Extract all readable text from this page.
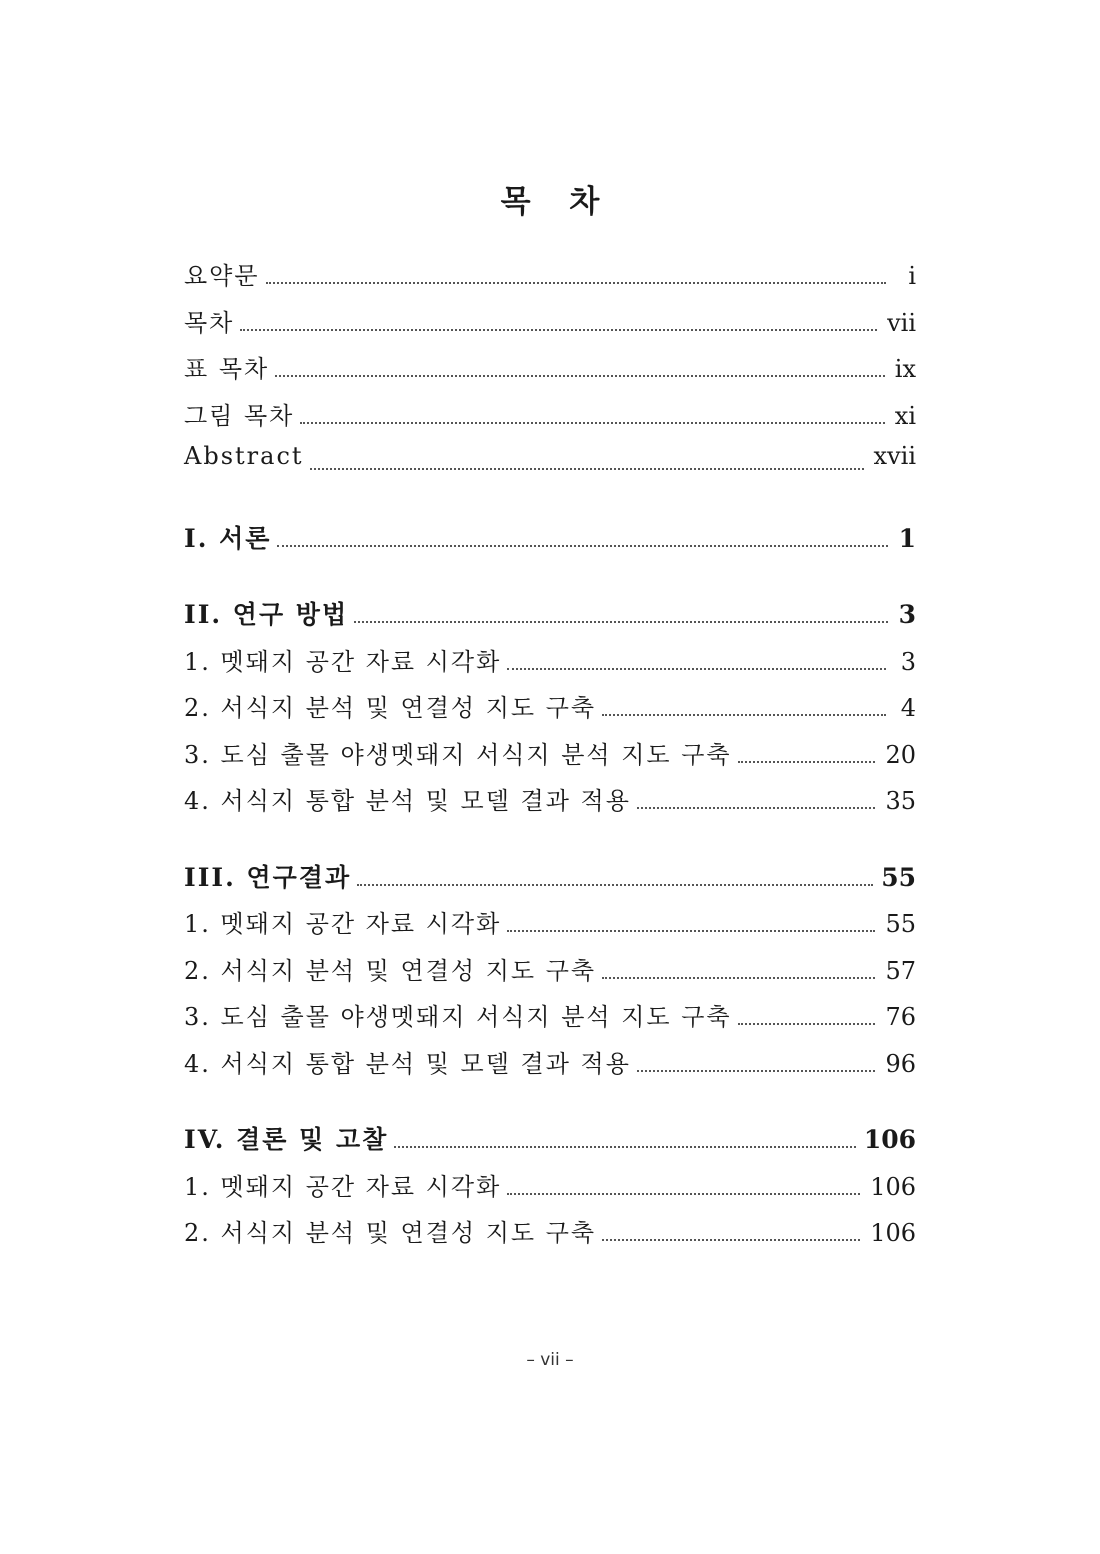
목 차
요약문	i
목차	vii
표 목차	ix
그림 목차	xi
Abstract	xvii
I. 서론	1
II. 연구 방법	3
1. 멧돼지 공간 자료 시각화	3
2. 서식지 분석 및 연결성 지도 구축	4
3. 도심 출몰 야생멧돼지 서식지 분석 지도 구축	20
4. 서식지 통합 분석 및 모델 결과 적용	35
III. 연구결과	55
1. 멧돼지 공간 자료 시각화	55
2. 서식지 분석 및 연결성 지도 구축	57
3. 도심 출몰 야생멧돼지 서식지 분석 지도 구축	76
4. 서식지 통합 분석 및 모델 결과 적용	96
IV. 결론 및 고찰	106
1. 멧돼지 공간 자료 시각화	106
2. 서식지 분석 및 연결성 지도 구축	106
– vii –
